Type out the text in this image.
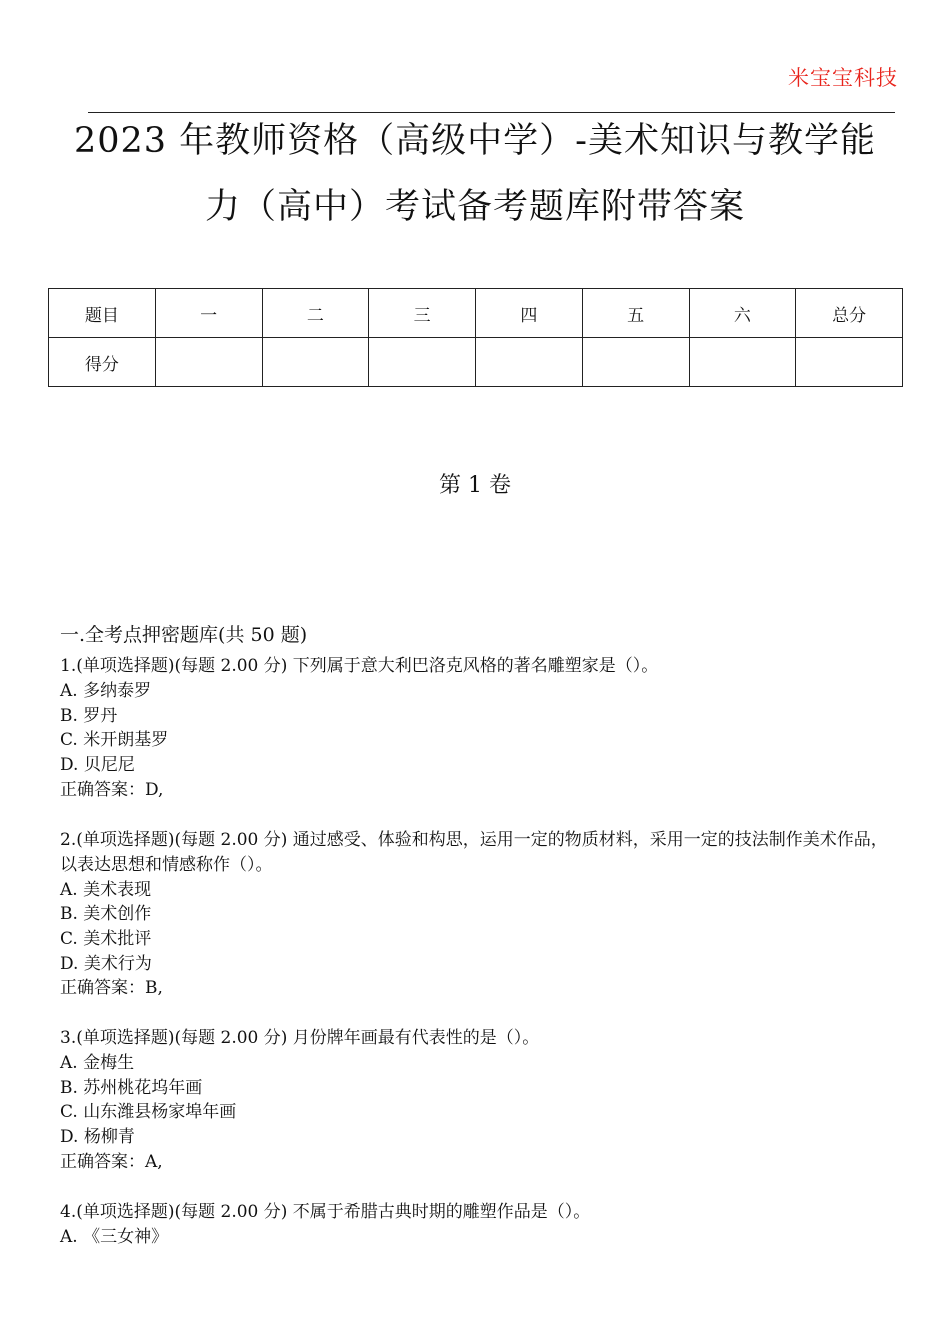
米宝宝科技
2023 年教师资格（高级中学）-美术知识与教学能
力（高中）考试备考题库附带答案
题目	一	二	三	四	五	六	总分
得分							
第 1 卷
一.全考点押密题库(共 50 题)
1.(单项选择题)(每题 2.00 分) 下列属于意大利巴洛克风格的著名雕塑家是（）。
A. 多纳泰罗
B. 罗丹
C. 米开朗基罗
D. 贝尼尼
正确答案：D,
2.(单项选择题)(每题 2.00 分) 通过感受、体验和构思，运用一定的物质材料，采用一定的技法制作美术作品，以表达思想和情感称作（）。
A. 美术表现
B. 美术创作
C. 美术批评
D. 美术行为
正确答案：B,
3.(单项选择题)(每题 2.00 分) 月份牌年画最有代表性的是（）。
A. 金梅生
B. 苏州桃花坞年画
C. 山东潍县杨家埠年画
D. 杨柳青
正确答案：A,
4.(单项选择题)(每题 2.00 分) 不属于希腊古典时期的雕塑作品是（）。
A. 《三女神》
